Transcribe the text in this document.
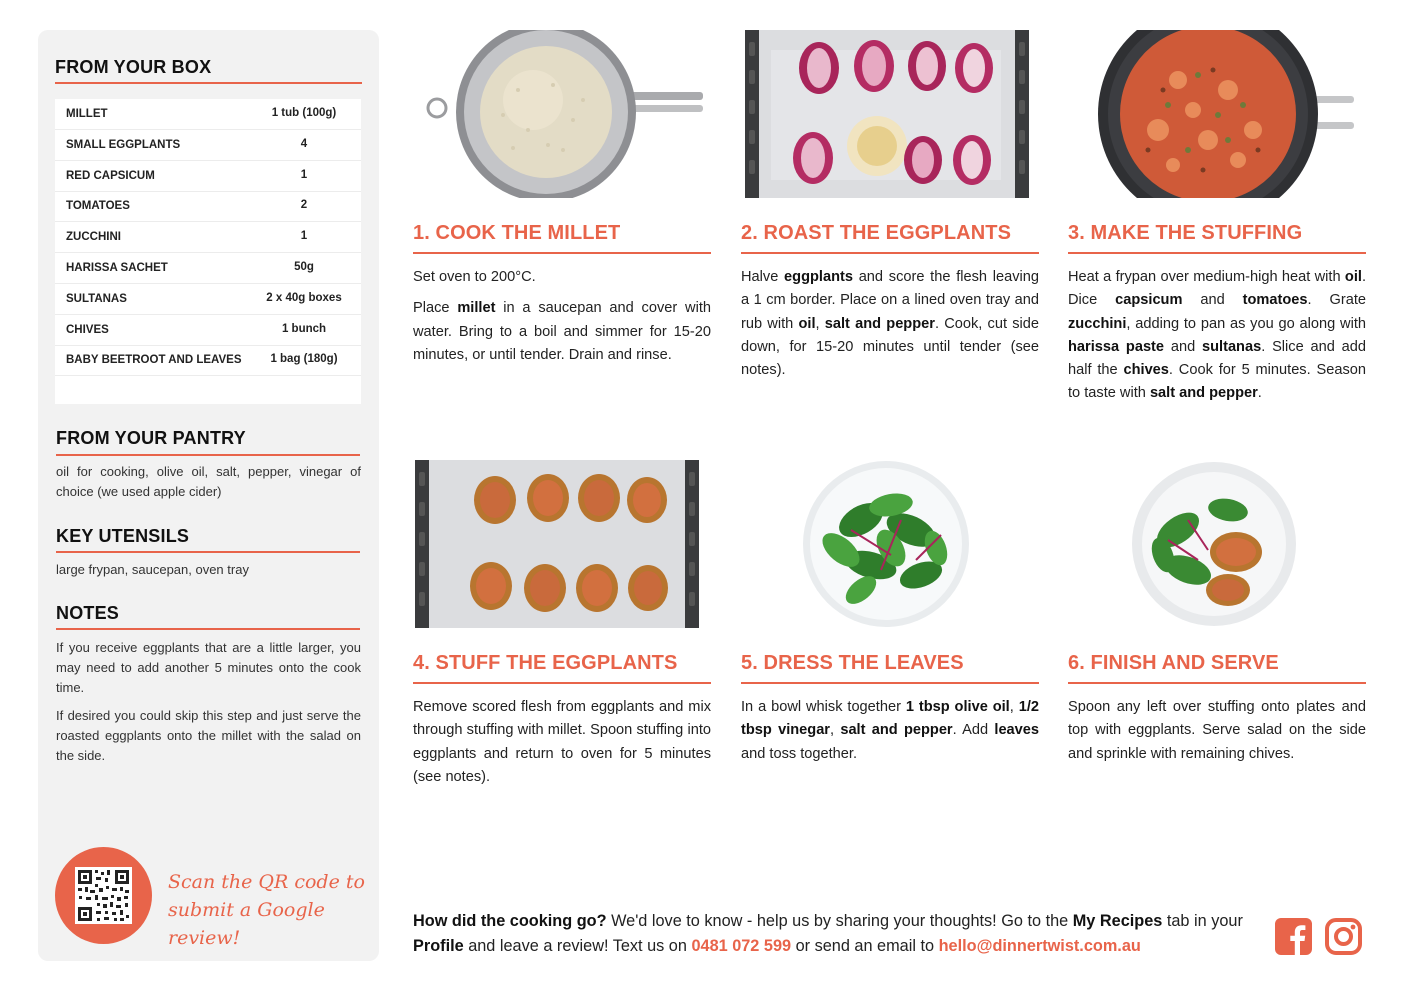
FROM YOUR BOX
MILLET	1 tub (100g)
SMALL EGGPLANTS	4
RED CAPSICUM	1
TOMATOES	2
ZUCCHINI	1
HARISSA SACHET	50g
SULTANAS	2 x 40g boxes
CHIVES	1 bunch
BABY BEETROOT AND LEAVES	1 bag (180g)
FROM YOUR PANTRY
oil for cooking, olive oil, salt, pepper, vinegar of choice (we used apple cider)
KEY UTENSILS
large frypan, saucepan, oven tray
NOTES
If you receive eggplants that are a little larger, you may need to add another 5 minutes onto the cook time.
If desired you could skip this step and just serve the roasted eggplants onto the millet with the salad on the side.
Scan the QR code to
submit a Google review!
1. COOK THE MILLET

Set oven to 200°C.

Place millet in a saucepan and cover with water. Bring to a boil and simmer for 15-20 minutes, or until tender. Drain and rinse.

2. ROAST THE EGGPLANTS

Halve eggplants and score the flesh leaving a 1 cm border. Place on a lined oven tray and rub with oil, salt and pepper. Cook, cut side down, for 15-20 minutes until tender (see notes).

3. MAKE THE STUFFING

Heat a frypan over medium-high heat with oil. Dice capsicum and tomatoes. Grate zucchini, adding to pan as you go along with harissa paste and sultanas. Slice and add half the chives. Cook for 5 minutes. Season to taste with salt and pepper.

4. STUFF THE EGGPLANTS

Remove scored flesh from eggplants and mix through stuffing with millet. Spoon stuffing into eggplants and return to oven for 5 minutes (see notes).

5. DRESS THE LEAVES

In a bowl whisk together 1 tbsp olive oil, 1/2 tbsp vinegar, salt and pepper. Add leaves and toss together.

6. FINISH AND SERVE

Spoon any left over stuffing onto plates and top with eggplants. Serve salad on the side and sprinkle with remaining chives.

How did the cooking go? We'd love to know - help us by sharing your thoughts! Go to the My Recipes tab in your Profile and leave a review! Text us on 0481 072 599 or send an email to hello@dinnertwist.com.au
